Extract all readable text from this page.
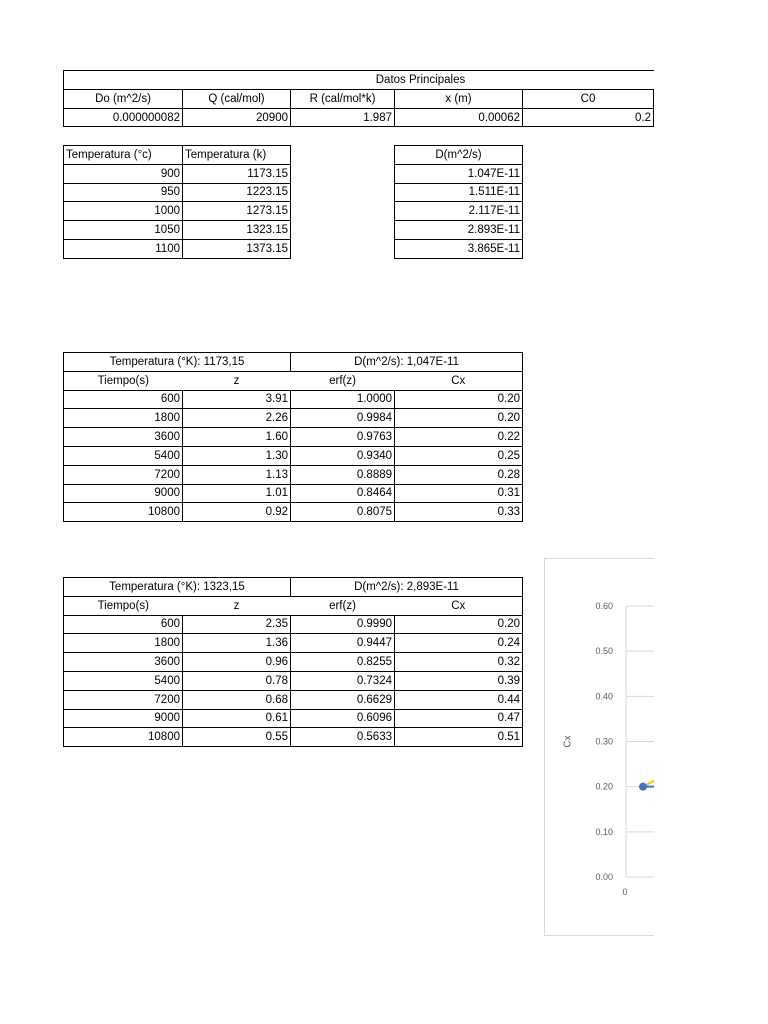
Datos Principales
Do (m^2/s)	Q (cal/mol)	R (cal/mol*k)	x (m)	C0
0.000000082	20900	1.987	0.00062	0.2
Temperatura (°c)	Temperatura (k)
900	1173.15
950	1223.15
1000	1273.15
1050	1323.15
1100	1373.15
D(m^2/s)
1.047E-11
1.511E-11
2.117E-11
2.893E-11
3.865E-11
Temperatura (°K): 1173,15		D(m^2/s): 1,047E-11	
Tiempo(s)	z	erf(z)	Cx
600	3.91	1.0000	0.20
1800	2.26	0.9984	0.20
3600	1.60	0.9763	0.22
5400	1.30	0.9340	0.25
7200	1.13	0.8889	0.28
9000	1.01	0.8464	0.31
10800	0.92	0.8075	0.33
Temperatura (°K): 1323,15		D(m^2/s): 2,893E-11	
Tiempo(s)	z	erf(z)	Cx
600	2.35	0.9990	0.20
1800	1.36	0.9447	0.24
3600	0.96	0.8255	0.32
5400	0.78	0.7324	0.39
7200	0.68	0.6629	0.44
9000	0.61	0.6096	0.47
10800	0.55	0.5633	0.51
0.00
0.10
0.20
0.30
0.40
0.50
0.60
0
Cx
